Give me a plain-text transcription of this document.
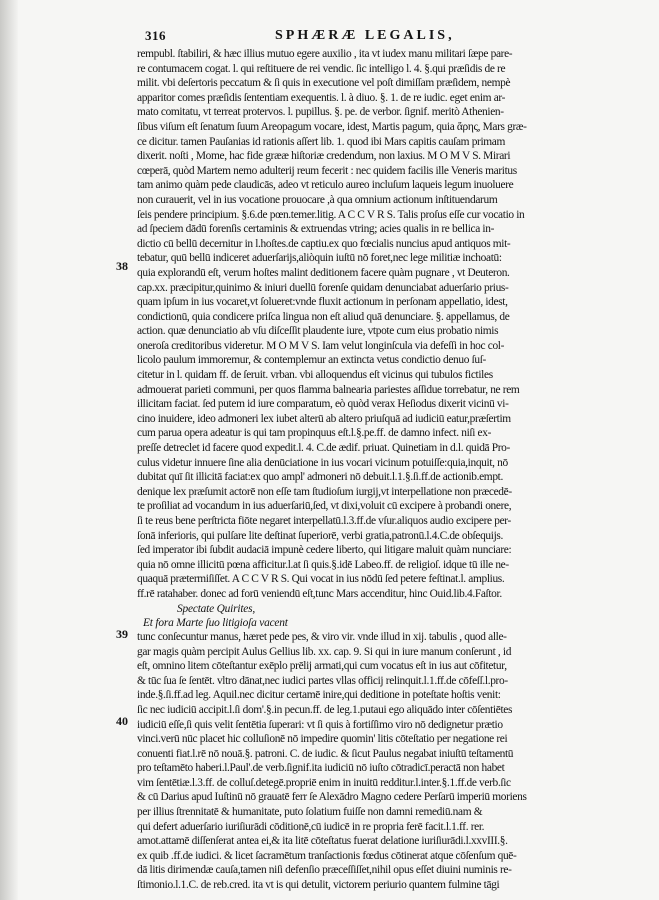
316	SPHÆRÆ LEGALIS,
38
39
40
rempubl. ſtabiliri, & hæc illius mutuo egere auxilio , ita vt iudex manu militari ſæpe pare-
re contumacem cogat. l. qui reſtituere de rei vendic. ſic intelligo l. 4. §.qui præſidis de re
milit. vbi deſertoris peccatum & ſi quis in executione vel poſt dimiſſam præſidem, nempè
apparitor comes præſidis ſententiam exequentis. l. à diuo. §. 1. de re iudic. eget enim ar-
mato comitatu, vt terreat protervos. l. pupillus. §. pe. de verbor. ſignif. meritò Athenien-
ſibus viſum eſt ſenatum ſuum Areopagum vocare, idest, Martis pagum, quia ἄρης, Mars græ-
ce dicitur. tamen Pauſanias id rationis aſſert lib. 1. quod ibi Mars capitis cauſam primam
dixerit. noſti , Mome, hac fide grææ hiſtoriæ credendum, non laxius. M O M V S. Mirari
cœperā, quòd Martem nemo adulterij reum fecerit : nec quidem facilis ille Veneris maritus
tam animo quàm pede claudicās, adeo vt reticulo aureo incluſum laqueis legum inuoluere
non curauerit, vel in ius vocatione prouocare ,à qua omnium actionum inſtituendarum
ſeis pendere principium. §.6.de pœn.temer.litig. A C C V R S. Talis proſus eſſe cur vocatio in
ad ſpeciem dādū forenſis certaminis & extruendas vtring; acies qualis in re bellica in-
dictio cū bellū decernitur in l.hoſtes.de captiu.ex quo fœcialis nuncius apud antiquos mit-
tebatur, quū bellū indiceret aduerſarijs,aliòquin iuſtū nō foret,nec lege militiæ inchoatū:
quia explorandū eſt, verum hoſtes malint deditionem facere quàm pugnare , vt Deuteron.
cap.xx. præcipitur,quinimo & iniuri duellū forenſe quidam denunciabat aduerſario prius-
quam ipſum in ius vocaret,vt ſolueret:vnde fluxit actionum in perſonam appellatio, idest,
condictionū, quia condicere priſca lingua non eſt aliud quā denunciare. §. appellamus, de
action. quæ denunciatio ab vſu diſceſſit plaudente iure, vtpote cum eius probatio nimis
oneroſa creditoribus videretur. M O M V S. Iam velut longinſcula via defeſſi in hoc col-
licolo paulum immoremur, & contemplemur an extincta vetus condictio denuo ſuſ-
citetur in l. quidam ff. de ſeruit. vrban. vbi alloquendus eſt vicinus qui tubulos fictiles
admouerat parieti communi, per quos flamma balnearia pariestes aſſidue torrebatur, ne rem
illicitam faciat. ſed putem id iure comparatum, eò quòd verax Heſiodus dixerit vicinū vi-
cino inuidere, ideo admoneri lex iubet alterū ab altero priuſquā ad iudiciū eatur,præſertim
cum parua opera adeatur is qui tam propinquus eſt.l.§.pe.ff. de damno infect. niſi ex-
preſſe detreclet id facere quod expedit.l. 4. C.de ædif. priuat. Quinetiam in d.l. quidā Pro-
culus videtur innuere ſine alia denūciatione in ius vocari vicinum potuiſſe:quia,inquit, nō
dubitat quī ſit illicitā faciat:ex quo ampl' admoneri nō debuit.l.1.§.ſi.ff.de actionib.empt.
denique lex præſumit actorē non eſſe tam ſtudioſum iurgij,vt interpellatione non præcedē-
te proſiliat ad vocandum in ius aduerſariū,ſed, vt dixi,voluit cū excipere à probandi onere,
ſi te reus bene perſtricta fiōte negaret interpellatū.l.3.ff.de vſur.aliquos audio excipere per-
ſonā inferioris, qui pulſare lite deſtinat ſuperiorē, verbi gratia,patronū.l.4.C.de obſequijs.
ſed imperator ibi ſubdit audaciā impunè cedere liberto, qui litigare maluit quàm nunciare:
quia nō omne illicitū pœna afficitur.l.at ſi quis.§.idē Labeo.ff. de religioſ. idque tū ille ne-
quaquā prætermiſiſſet. A C C V R S. Qui vocat in ius nōdū ſed petere feſtinat.l. amplius.
ff.rē ratahaber. donec ad forū veniendū eſt,tunc Mars accenditur, hinc Ouid.lib.4.Faſtor.
Spectate Quirites,
Et fora Marte ſuo litigioſa vacent
tunc conſecuntur manus, hæret pede pes, & viro vir. vnde illud in xij. tabulis , quod alle-
gar magis quàm percipit Aulus Gellius lib. xx. cap. 9. Si qui in iure manum conſerunt , id
eſt, omnino litem cōteſtantur exēplo prēlij armati,qui cum vocatus eſt in ius aut cōfitetur,
& tūc ſua ſe ſentēt. vltro dānat,nec iudici partes vllas officij relinquit.l.1.ff.de cōfeſſ.l.pro-
inde.§.ſi.ff.ad leg. Aquil.nec dicitur certamē inire,qui deditione in poteſtate hoſtis venit:
ſic nec iudiciū accipit.l.ſi dom'.§.in pecun.ff. de leg.1.putaui ego aliquādo inter cōſentiētes
iudiciū eſſe,ſi quis velit ſentētia ſuperari: vt ſi quis à fortiſſimo viro nō dedignetur prætio
vinci.verū nūc placet hic colluſionē nō impedire quomin' litis cōteſtatio per negatione rei
conuenti fiat.l.rē nō nouā.§. patroni. C. de iudic. & ſicut Paulus negabat iniuſtū teſtamentū
pro teſtamēto haberi.l.Paul'.de verb.ſignif.ita iudiciū nō iuſto cōtradicī.peractā non habet
vim ſentētiæ.l.3.ff. de colluſ.detegē.propriē enim in inuitū redditur.l.inter.§.1.ff.de verb.ſic
& cū Darius apud Iuſtinū nō grauatē ferr ſe Alexādro Magno cedere Perſarū imperiū moriens
per illius ſtrennitatē & humanitate, puto ſolatium fuiſſe non damni remediū.nam &
qui defert aduerſario iuriſiurādi cōditionē,cū iudicē in re propria ferē facit.l.1.ff. rer.
amot.attamē diſſenſerat antea ei,& ita litē cōteſtatus fuerat delatione iuriſiurādi.l.xxvIII.§.
ex quib .ff.de iudici. & licet ſacramētum tranſactionis fœdus cōtinerat atque cōſenſum quē-
dā litis dirimendæ cauſa,tamen niſi defenſio præceſſiſſet,nihil opus eſſet diuini numinis re-
ſtimonio.l.1.C. de reb.cred. ita vt is qui detulit, victorem periurio quantem fulmine tāgi
